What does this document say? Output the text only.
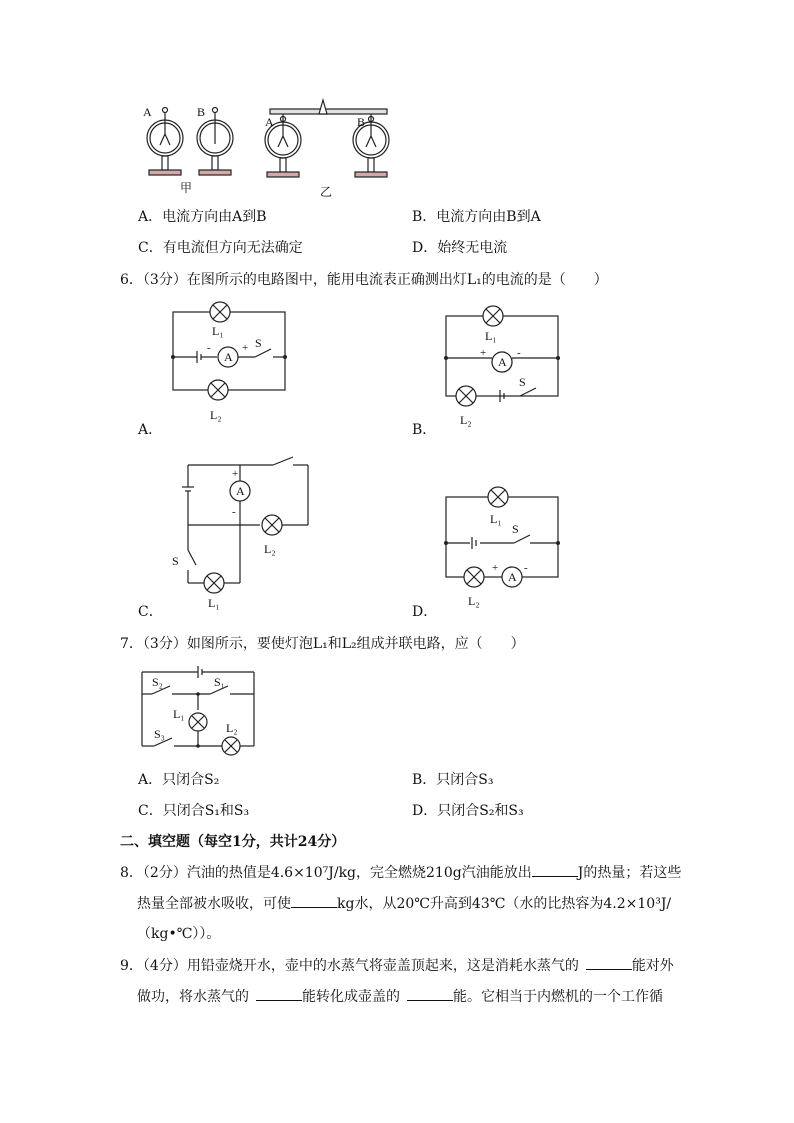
A	B
A	B
甲	乙
A．电流方向由A到B	B．电流方向由B到A
C．有电流但方向无法确定	D．始终无电流
6．（3分）在图所示的电路图中，能用电流表正确测出灯L₁的电流的是（　　）
A
L₁
L₂
S
-	+
A．
A
L₁
L₂
S
+	-
B．
A
+
-
L₂
S
L₁
C．
A
L₁
L₂
S
+ -
D．
7．（3分）如图所示，要使灯泡L₁和L₂组成并联电路，应（　　）
S₂	S₁
L₁
L₂
S₃
A．只闭合S₂	B．只闭合S₃
C．只闭合S₁和S₃	D．只闭合S₂和S₃
二、填空题（每空1分，共计24分）
8．（2分）汽油的热值是4.6×10⁷J/kg，完全燃烧210g汽油能放出	J的热量；若这些
热量全部被水吸收，可使	kg水，从20℃升高到43℃（水的比热容为4.2×10³J/
（kg•℃））。
9．（4分）用铅壶烧开水，壶中的水蒸气将壶盖顶起来，这是消耗水蒸气的 	能对外
做功，将水蒸气的 	能转化成壶盖的 	能。它相当于内燃机的一个工作循
